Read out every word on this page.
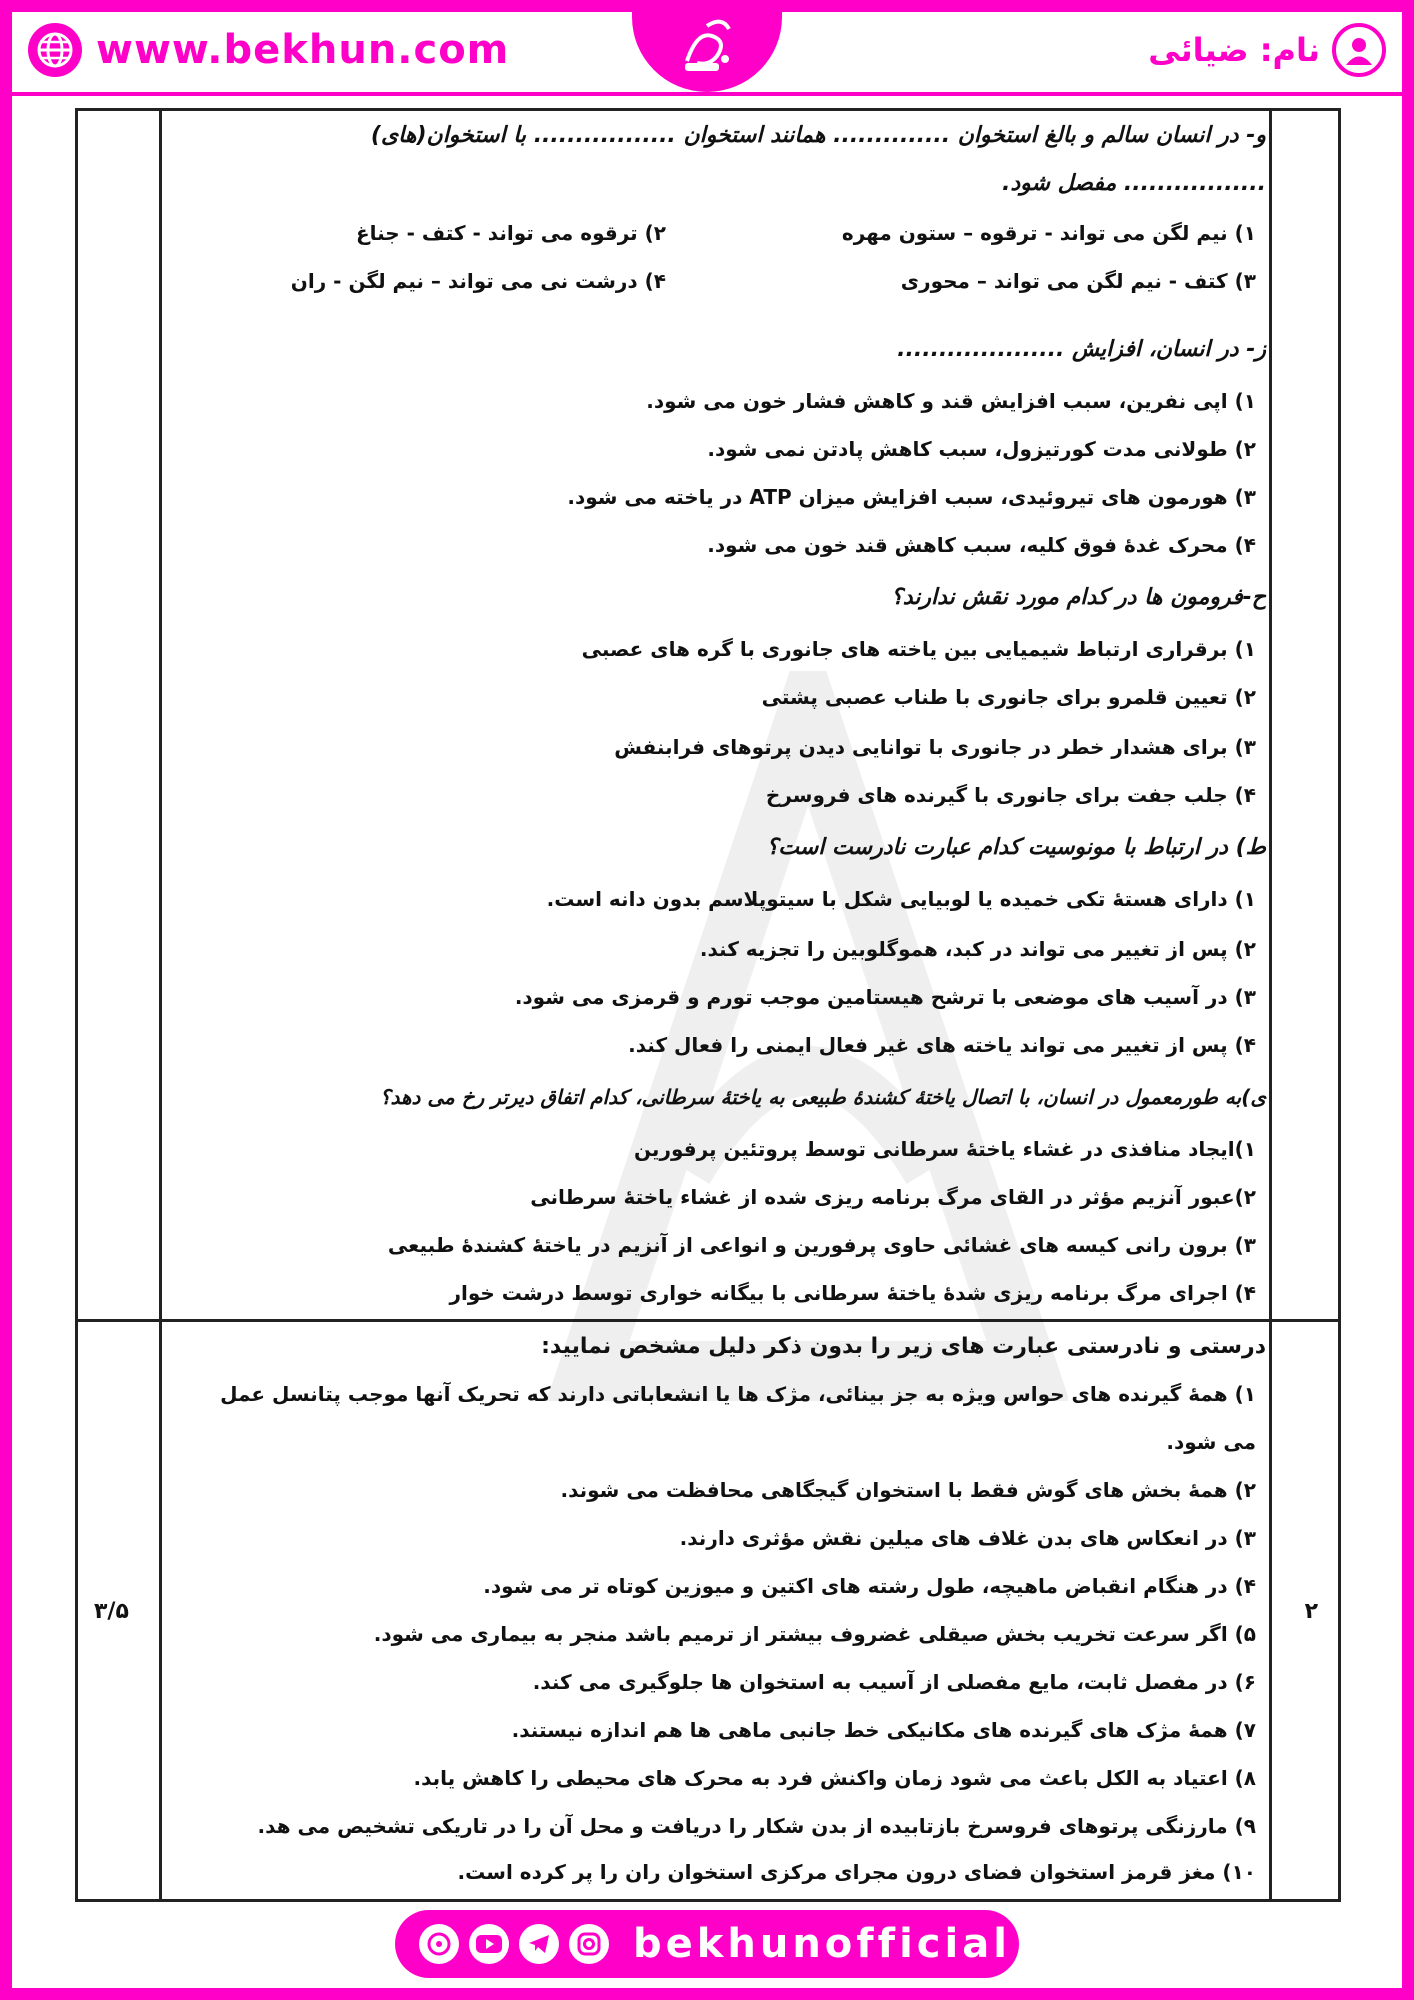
www.bekhun.com	نام: ضیائی
و- در انسان سالم و بالغ استخوان .............. همانند استخوان ................. با استخوان(های)
................. مفصل شود.
۱) نیم لگن می تواند - ترقوه – ستون مهره
۲) ترقوه می تواند - کتف - جناغ
۳) کتف - نیم لگن می تواند – محوری
۴) درشت نی می تواند – نیم لگن - ران
ز- در انسان، افزایش ....................
۱) اپی نفرین، سبب افزایش قند و کاهش فشار خون می شود.
۲) طولانی مدت کورتیزول، سبب کاهش پادتن نمی شود.
۳) هورمون های تیروئیدی، سبب افزایش میزان ATP در یاخته می شود.
۴) محرک غدۀ فوق کلیه، سبب کاهش قند خون می شود.
ح-فرومون ها در کدام مورد نقش ندارند؟
۱) برقراری ارتباط شیمیایی بین یاخته های جانوری با گره های عصبی
۲) تعیین قلمرو برای جانوری با طناب عصبی پشتی
۳) برای هشدار خطر در جانوری با توانایی دیدن پرتوهای فرابنفش
۴) جلب جفت برای جانوری با گیرنده های فروسرخ
ط) در ارتباط با مونوسیت کدام عبارت نادرست است؟
۱) دارای هستۀ تکی خمیده یا لوبیایی شکل با سیتوپلاسم بدون دانه است.
۲) پس از تغییر می تواند در کبد، هموگلوبین را تجزیه کند.
۳) در آسیب های موضعی با ترشح هیستامین موجب تورم و قرمزی می شود.
۴) پس از تغییر می تواند یاخته های غیر فعال ایمنی را فعال کند.
ی)به طورمعمول در انسان، با اتصال یاختۀ کشندۀ طبیعی به یاختۀ سرطانی، کدام اتفاق دیرتر رخ می دهد؟
۱)ایجاد منافذی در غشاء یاختۀ سرطانی توسط پروتئین پرفورین
۲)عبور آنزیم مؤثر در القای مرگ برنامه ریزی شده از غشاء یاختۀ سرطانی
۳) برون رانی کیسه های غشائی حاوی پرفورین و انواعی از آنزیم در یاختۀ کشندۀ طبیعی
۴) اجرای مرگ برنامه ریزی شدۀ یاختۀ سرطانی با بیگانه خواری توسط درشت خوار
۲
۳/۵
درستی و نادرستی عبارت های زیر را بدون ذکر دلیل مشخص نمایید:
۱) همۀ گیرنده های حواس ویژه به جز بینائی، مژک ها یا انشعاباتی دارند که تحریک آنها موجب پتانسل عمل
می شود.
۲) همۀ بخش های گوش فقط با استخوان گیجگاهی محافظت می شوند.
۳) در انعکاس های بدن غلاف های میلین نقش مؤثری دارند.
۴) در هنگام انقباض ماهیچه، طول رشته های اکتین و میوزین کوتاه تر می شود.
۵) اگر سرعت تخریب بخش صیقلی غضروف بیشتر از ترمیم باشد منجر به بیماری می شود.
۶) در مفصل ثابت، مایع مفصلی از آسیب به استخوان ها جلوگیری می کند.
۷) همۀ مژک های گیرنده های مکانیکی خط جانبی ماهی ها هم اندازه نیستند.
۸) اعتیاد به الکل باعث می شود زمان واکنش فرد به محرک های محیطی را کاهش یابد.
۹) مارزنگی پرتوهای فروسرخ بازتابیده از بدن شکار را دریافت و محل آن را در تاریکی تشخیص می هد.
۱۰) مغز قرمز استخوان فضای درون مجرای مرکزی استخوان ران را پر کرده است.
bekhunofficial
